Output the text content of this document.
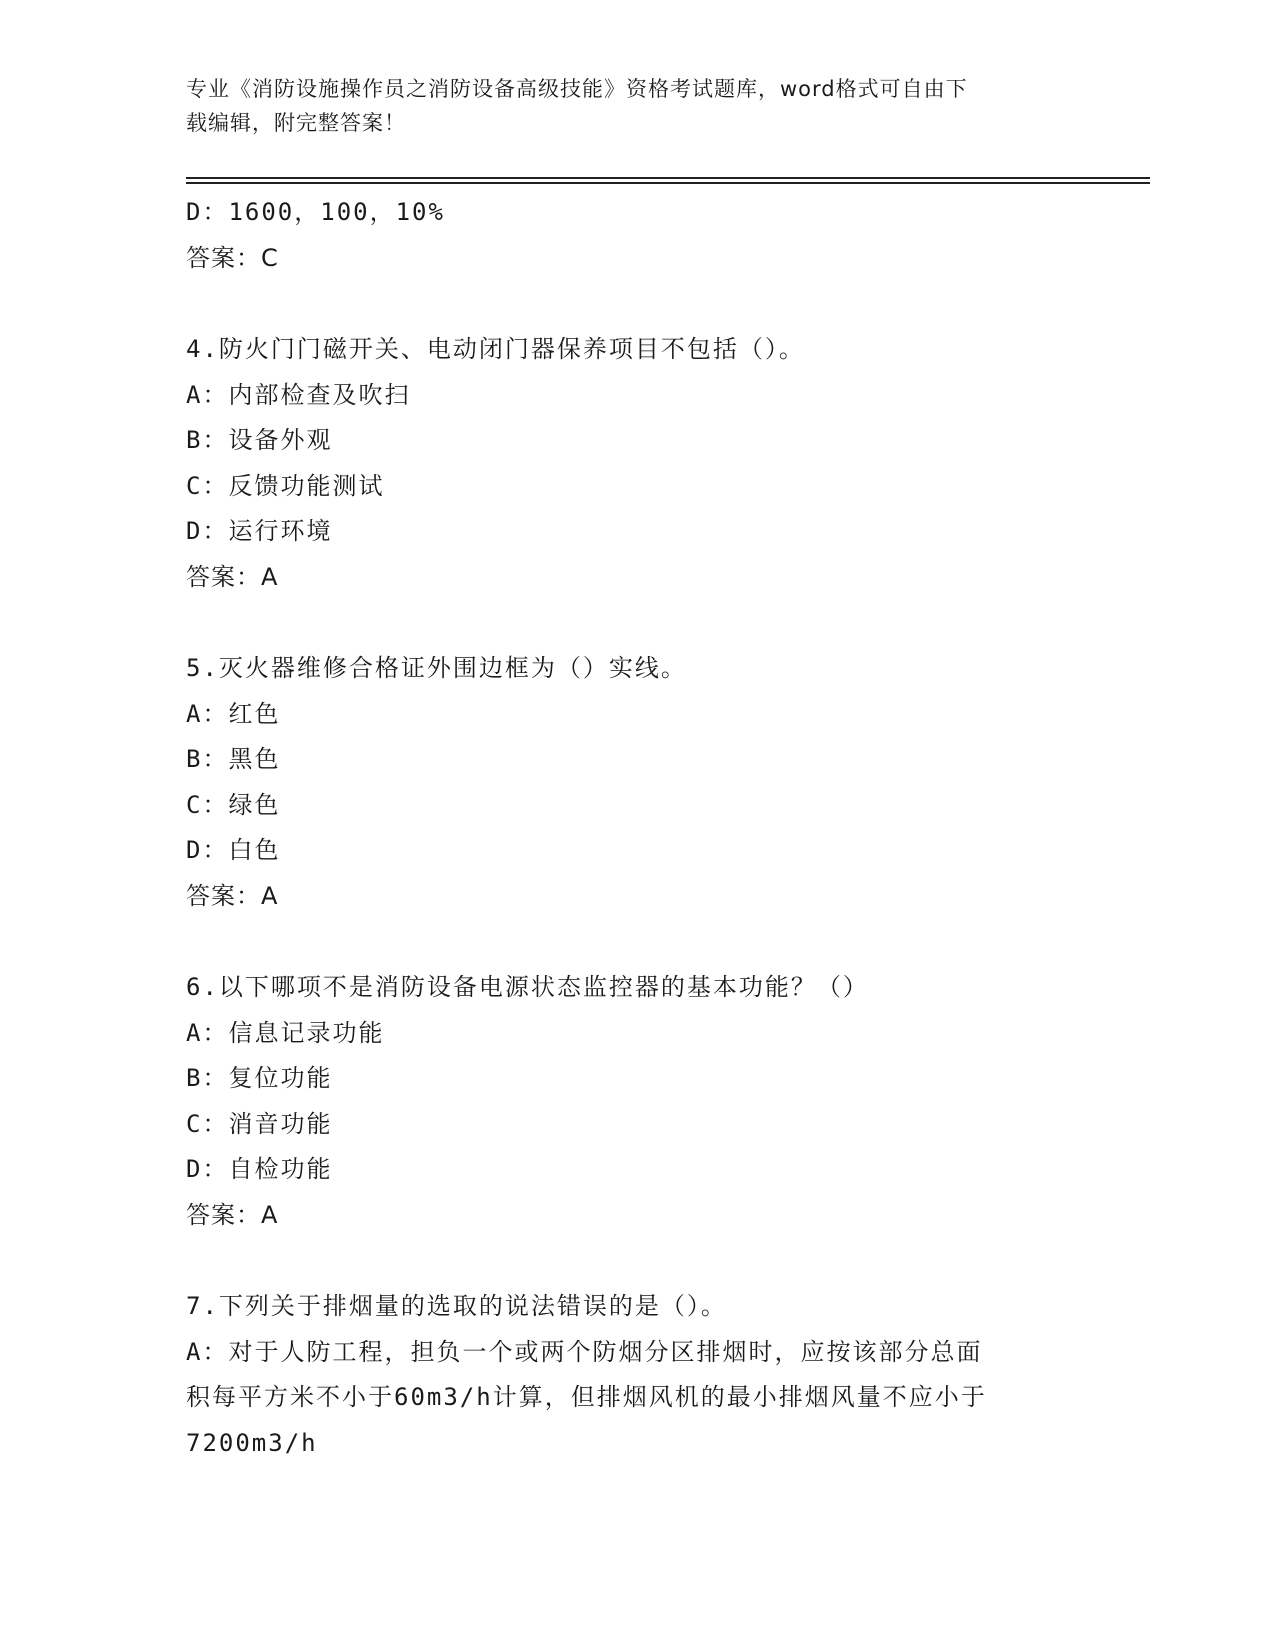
专业《消防设施操作员之消防设备高级技能》资格考试题库，word格式可自由下
载编辑，附完整答案！
D：1600，100，10%
答案：C
4.防火门门磁开关、电动闭门器保养项目不包括（）。
A：内部检查及吹扫
B：设备外观
C：反馈功能测试
D：运行环境
答案：A
5.灭火器维修合格证外围边框为（）实线。
A：红色
B：黑色
C：绿色
D：白色
答案：A
6.以下哪项不是消防设备电源状态监控器的基本功能？（）
A：信息记录功能
B：复位功能
C：消音功能
D：自检功能
答案：A
7.下列关于排烟量的选取的说法错误的是（）。
A：对于人防工程，担负一个或两个防烟分区排烟时，应按该部分总面
积每平方米不小于60m3/h计算，但排烟风机的最小排烟风量不应小于
7200m3/h
